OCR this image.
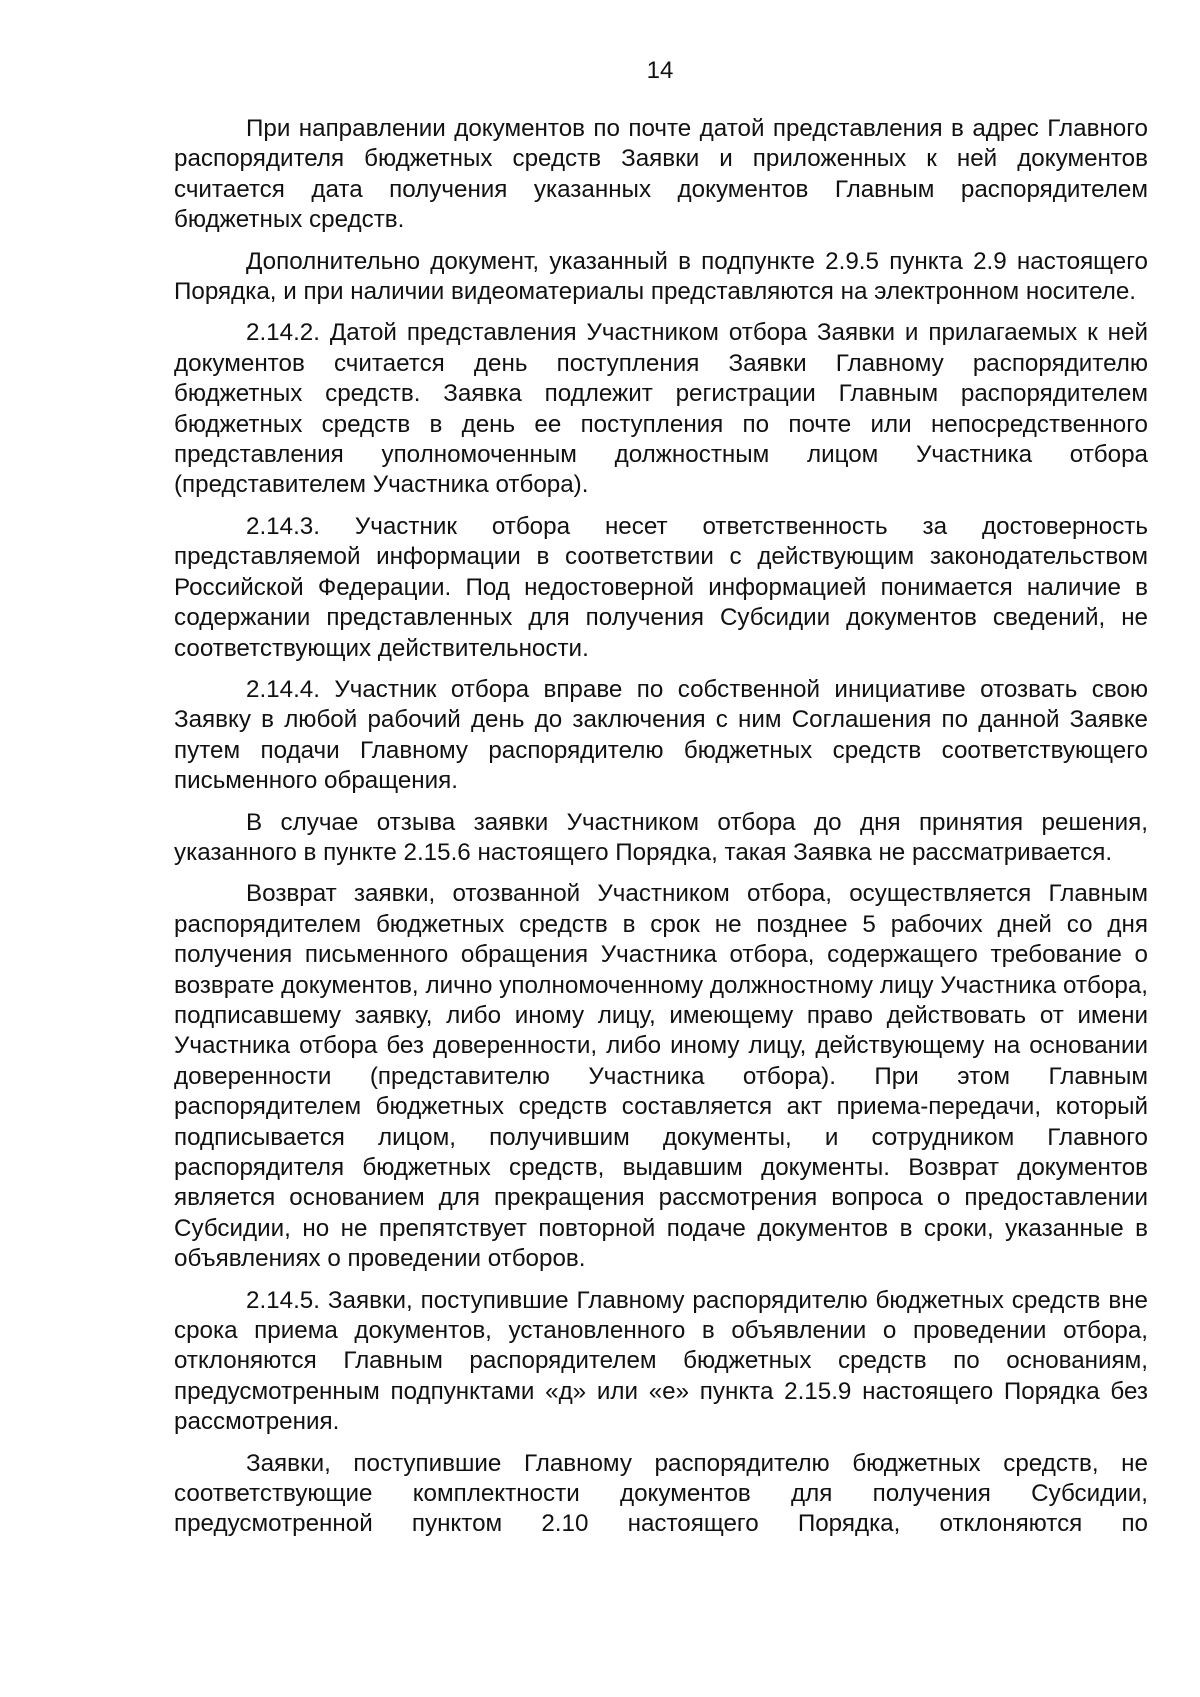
14

При направлении документов по почте датой представления в адрес Главного распорядителя бюджетных средств Заявки и приложенных к ней документов считается дата получения указанных документов Главным распорядителем бюджетных средств.

Дополнительно документ, указанный в подпункте 2.9.5 пункта 2.9 настоящего Порядка, и при наличии видеоматериалы представляются на электронном носителе.

2.14.2. Датой представления Участником отбора Заявки и прилагаемых к ней документов считается день поступления Заявки Главному распорядителю бюджетных средств. Заявка подлежит регистрации Главным распорядителем бюджетных средств в день ее поступления по почте или непосредственного представления уполномоченным должностным лицом Участника отбора (представителем Участника отбора).

2.14.3. Участник отбора несет ответственность за достоверность представляемой информации в соответствии с действующим законодательством Российской Федерации. Под недостоверной информацией понимается наличие в содержании представленных для получения Субсидии документов сведений, не соответствующих действительности.

2.14.4. Участник отбора вправе по собственной инициативе отозвать свою Заявку в любой рабочий день до заключения с ним Соглашения по данной Заявке путем подачи Главному распорядителю бюджетных средств соответствующего письменного обращения.

В случае отзыва заявки Участником отбора до дня принятия решения, указанного в пункте 2.15.6 настоящего Порядка, такая Заявка не рассматривается.

Возврат заявки, отозванной Участником отбора, осуществляется Главным распорядителем бюджетных средств в срок не позднее 5 рабочих дней со дня получения письменного обращения Участника отбора, содержащего требование о возврате документов, лично уполномоченному должностному лицу Участника отбора, подписавшему заявку, либо иному лицу, имеющему право действовать от имени Участника отбора без доверенности, либо иному лицу, действующему на основании доверенности (представителю Участника отбора). При этом Главным распорядителем бюджетных средств составляется акт приема-передачи, который подписывается лицом, получившим документы, и сотрудником Главного распорядителя бюджетных средств, выдавшим документы. Возврат документов является основанием для прекращения рассмотрения вопроса о предоставлении Субсидии, но не препятствует повторной подаче документов в сроки, указанные в объявлениях о проведении отборов.

2.14.5. Заявки, поступившие Главному распорядителю бюджетных средств вне срока приема документов, установленного в объявлении о проведении отбора, отклоняются Главным распорядителем бюджетных средств по основаниям, предусмотренным подпунктами «д» или «е» пункта 2.15.9 настоящего Порядка без рассмотрения.

Заявки, поступившие Главному распорядителю бюджетных средств, не соответствующие комплектности документов для получения Субсидии, предусмотренной пунктом 2.10 настоящего Порядка, отклоняются по
